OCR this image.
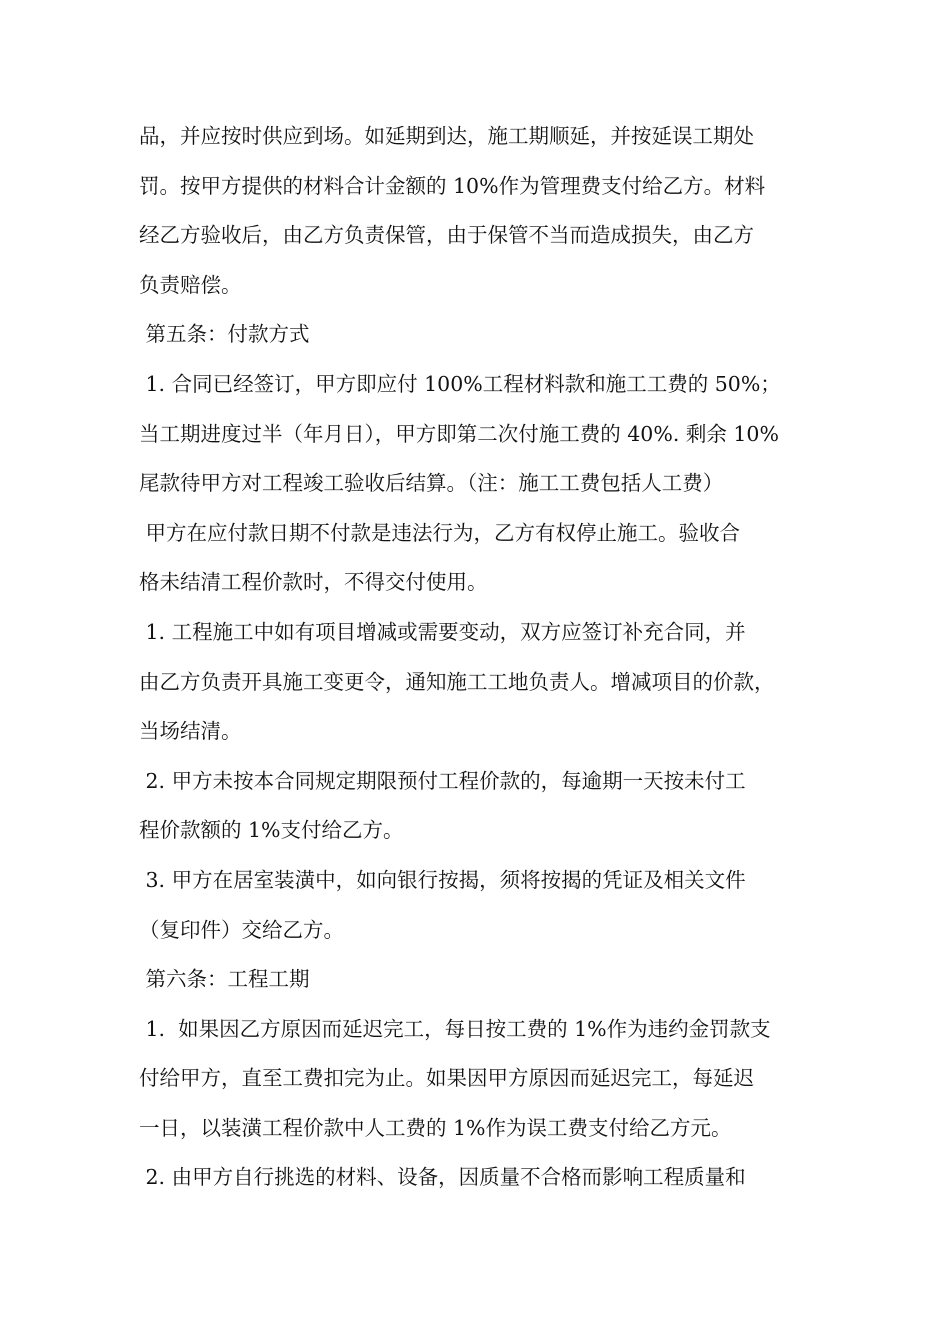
品，并应按时供应到场。如延期到达，施工期顺延，并按延误工期处
罚。按甲方提供的材料合计金额的 10%作为管理费支付给乙方。材料
经乙方验收后，由乙方负责保管，由于保管不当而造成损失，由乙方
负责赔偿。
第五条：付款方式
1. 合同已经签订，甲方即应付 100%工程材料款和施工工费的 50%；
当工期进度过半（年月日），甲方即第二次付施工费的 40%. 剩余 10%
尾款待甲方对工程竣工验收后结算。（注：施工工费包括人工费）
甲方在应付款日期不付款是违法行为，乙方有权停止施工。验收合
格未结清工程价款时，不得交付使用。
1. 工程施工中如有项目增减或需要变动，双方应签订补充合同，并
由乙方负责开具施工变更令，通知施工工地负责人。增减项目的价款，
当场结清。
2. 甲方未按本合同规定期限预付工程价款的，每逾期一天按未付工
程价款额的 1%支付给乙方。
3. 甲方在居室装潢中，如向银行按揭，须将按揭的凭证及相关文件
（复印件）交给乙方。
第六条：工程工期
1.  如果因乙方原因而延迟完工，每日按工费的 1%作为违约金罚款支
付给甲方，直至工费扣完为止。如果因甲方原因而延迟完工，每延迟
一日，以装潢工程价款中人工费的 1%作为误工费支付给乙方元。
2. 由甲方自行挑选的材料、设备，因质量不合格而影响工程质量和
